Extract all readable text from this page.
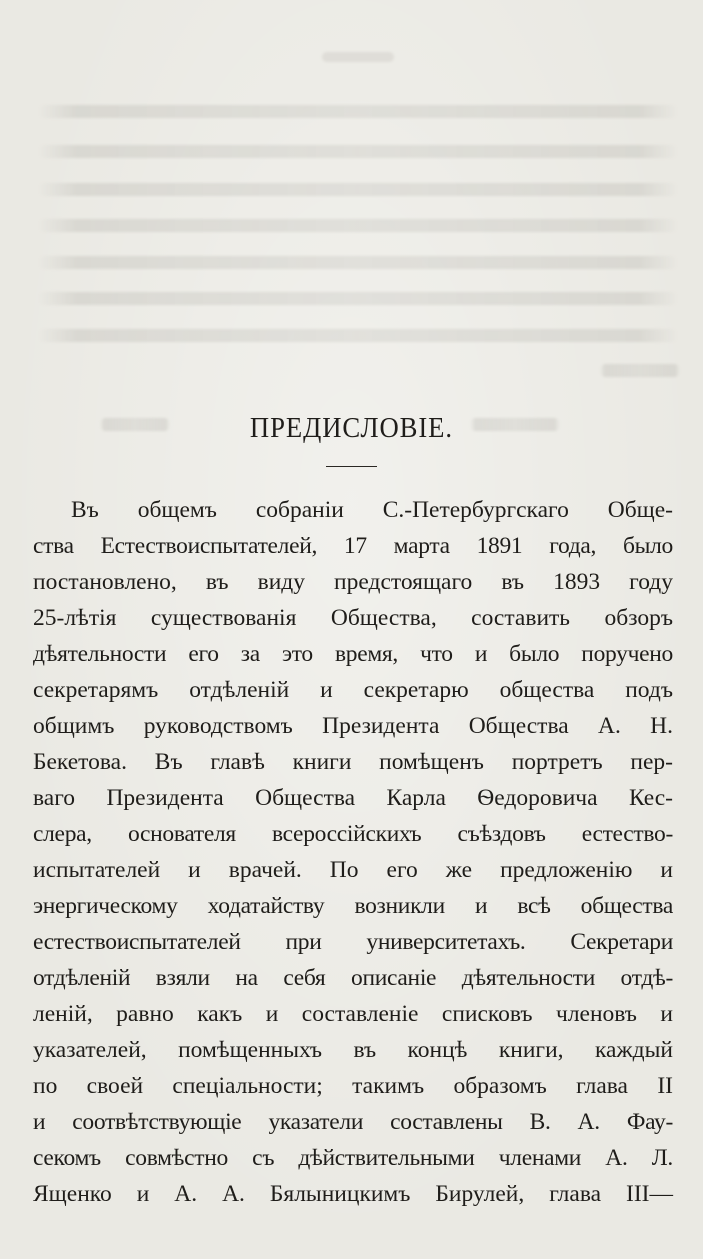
ПРЕДИСЛОВІЕ.
Въ общемъ собраніи С.-Петербургскаго Обще-
ства Естествоиспытателей, 17 марта 1891 года, было
постановлено, въ виду предстоящаго въ 1893 году
25-лѣтія существованія Общества, составить обзоръ
дѣятельности его за это время, что и было поручено
секретарямъ отдѣленій и секретарю общества подъ
общимъ руководствомъ Президента Общества А. Н.
Бекетова. Въ главѣ книги помѣщенъ портретъ пер-
ваго Президента Общества Карла Ѳедоровича Кес-
слера, основателя всероссійскихъ съѣздовъ естество-
испытателей и врачей. По его же предложенію и
энергическому ходатайству возникли и всѣ общества
естествоиспытателей при университетахъ. Секретари
отдѣленій взяли на себя описаніе дѣятельности отдѣ-
леній, равно какъ и составленіе списковъ членовъ и
указателей, помѣщенныхъ въ концѣ книги, каждый
по своей спеціальности; такимъ образомъ глава II
и соотвѣтствующіе указатели составлены В. А. Фау-
секомъ совмѣстно съ дѣйствительными членами А. Л.
Ященко и А. А. Бялыницкимъ Бирулей, глава III—
